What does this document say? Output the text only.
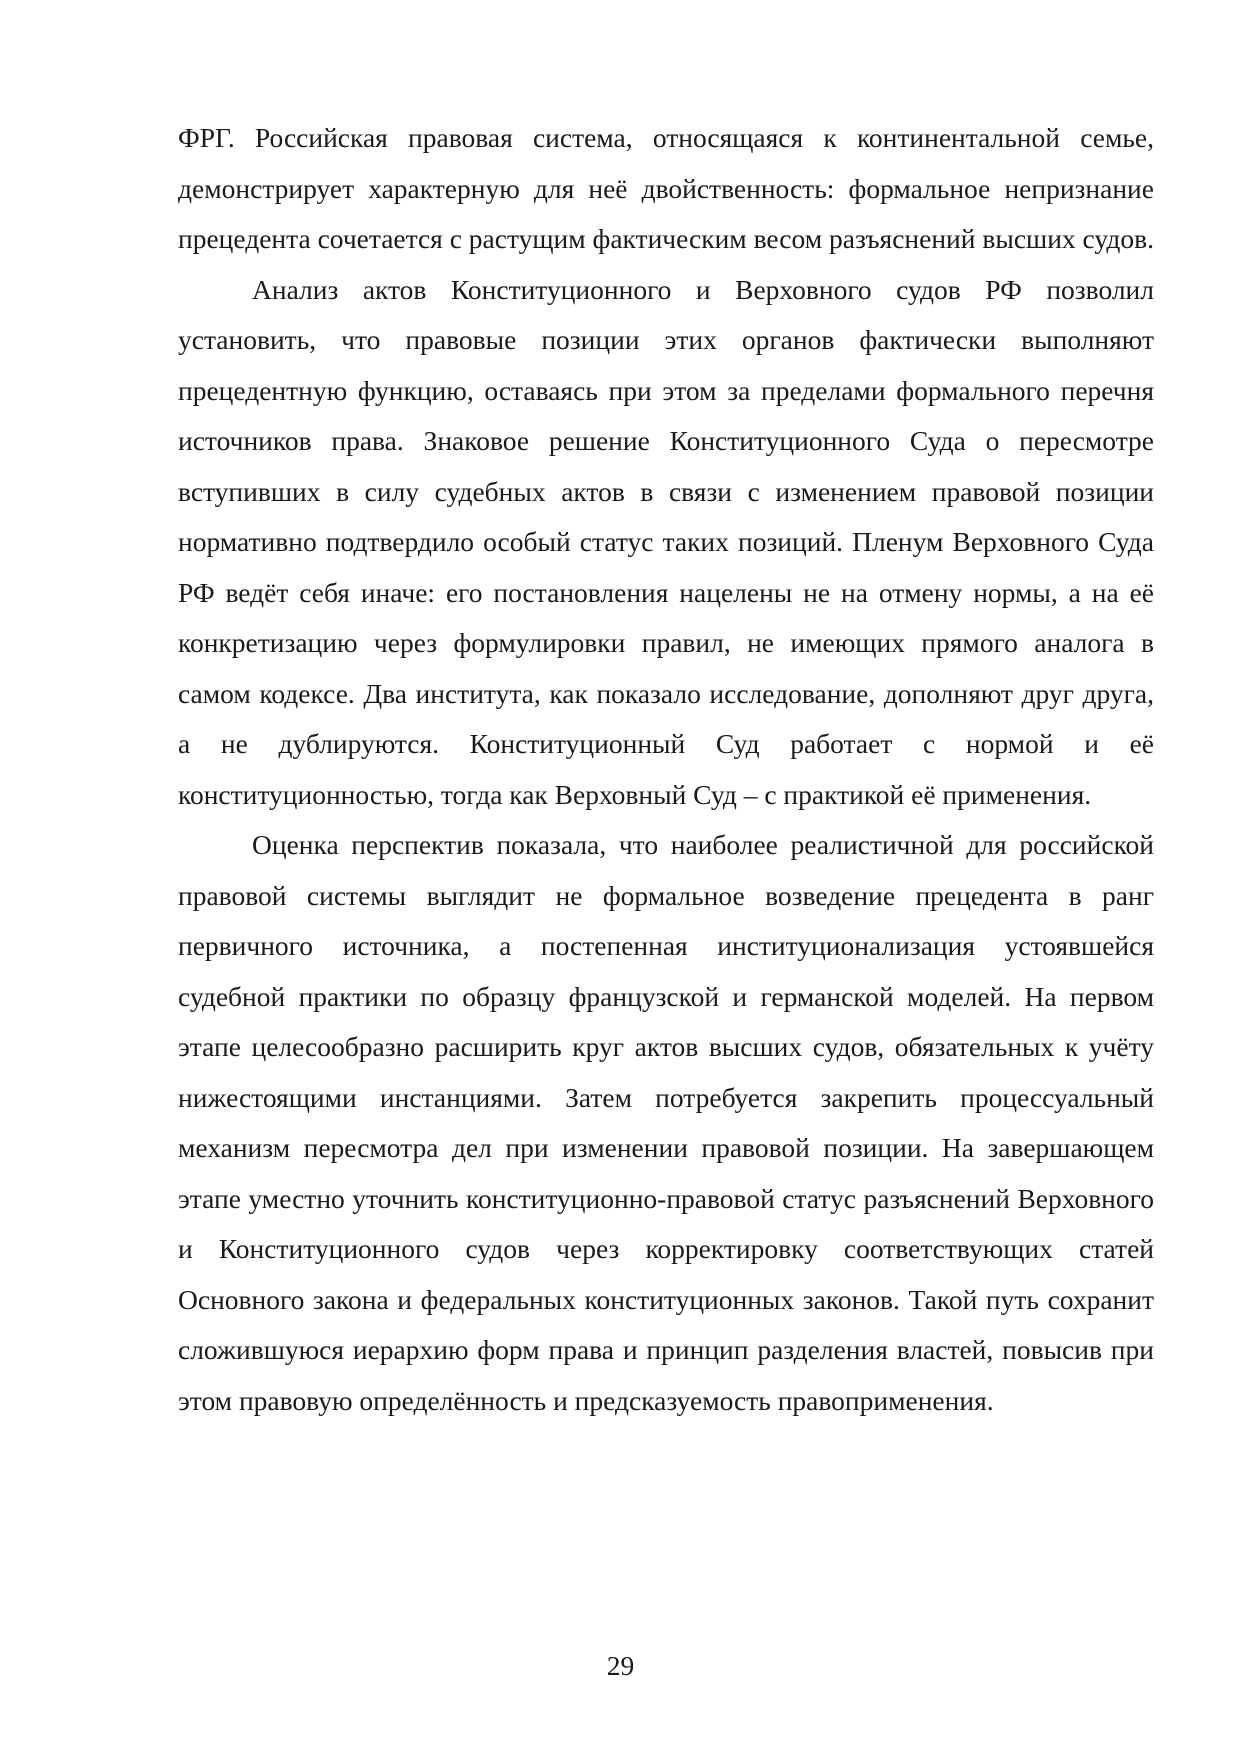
ФРГ. Российская правовая система, относящаяся к континентальной семье, демонстрирует характерную для неё двойственность: формальное непризнание прецедента сочетается с растущим фактическим весом разъяснений высших судов.

Анализ актов Конституционного и Верховного судов РФ позволил установить, что правовые позиции этих органов фактически выполняют прецедентную функцию, оставаясь при этом за пределами формального перечня источников права. Знаковое решение Конституционного Суда о пересмотре вступивших в силу судебных актов в связи с изменением правовой позиции нормативно подтвердило особый статус таких позиций. Пленум Верховного Суда РФ ведёт себя иначе: его постановления нацелены не на отмену нормы, а на её конкретизацию через формулировки правил, не имеющих прямого аналога в самом кодексе. Два института, как показало исследование, дополняют друг друга, а не дублируются. Конституционный Суд работает с нормой и её конституционностью, тогда как Верховный Суд – с практикой её применения.

Оценка перспектив показала, что наиболее реалистичной для российской правовой системы выглядит не формальное возведение прецедента в ранг первичного источника, а постепенная институционализация устоявшейся судебной практики по образцу французской и германской моделей. На первом этапе целесообразно расширить круг актов высших судов, обязательных к учёту нижестоящими инстанциями. Затем потребуется закрепить процессуальный механизм пересмотра дел при изменении правовой позиции. На завершающем этапе уместно уточнить конституционно-правовой статус разъяснений Верховного и Конституционного судов через корректировку соответствующих статей Основного закона и федеральных конституционных законов. Такой путь сохранит сложившуюся иерархию форм права и принцип разделения властей, повысив при этом правовую определённость и предсказуемость правоприменения.

29
